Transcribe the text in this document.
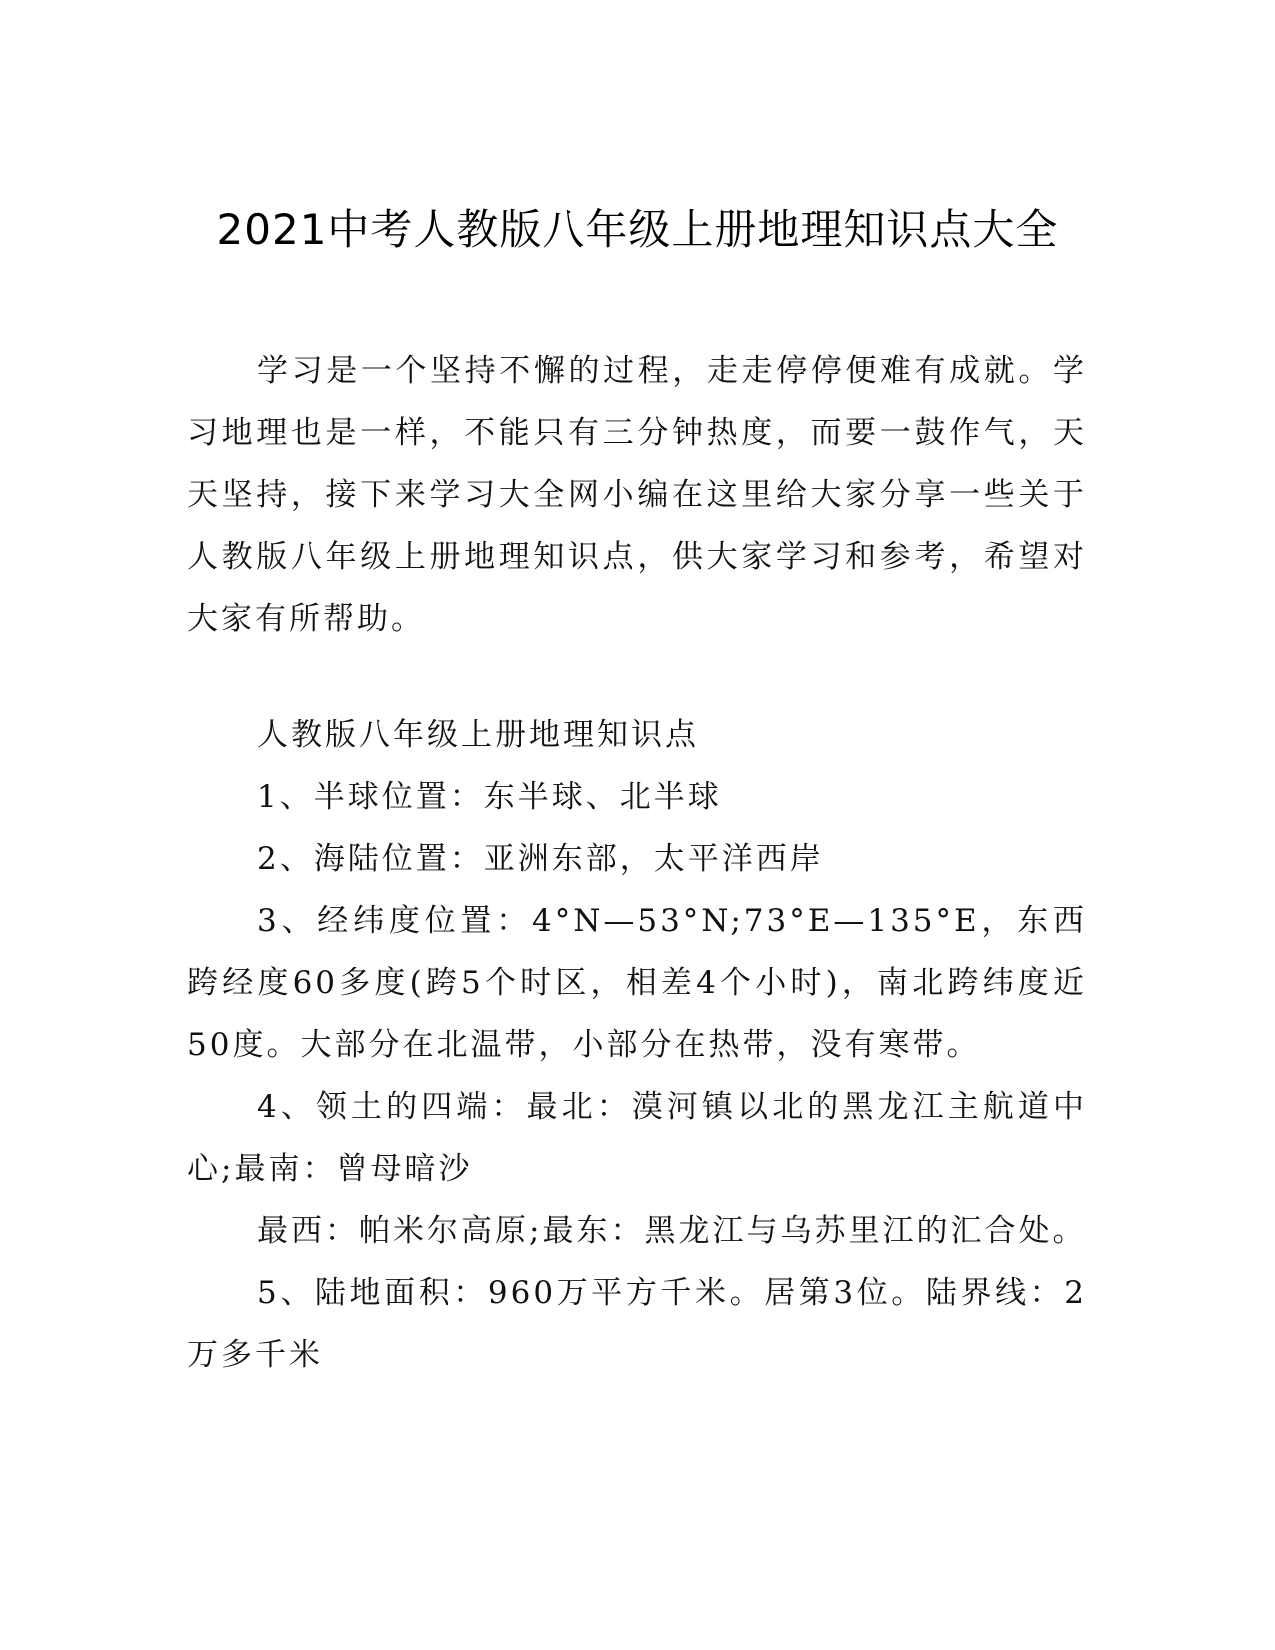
2021中考人教版八年级上册地理知识点大全

学习是一个坚持不懈的过程，走走停停便难有成就。学习地理也是一样，不能只有三分钟热度，而要一鼓作气，天天坚持，接下来学习大全网小编在这里给大家分享一些关于人教版八年级上册地理知识点，供大家学习和参考，希望对大家有所帮助。

人教版八年级上册地理知识点

1、半球位置：东半球、北半球

2、海陆位置：亚洲东部，太平洋西岸

3、经纬度位置：4°N—53°N;73°E—135°E，东西跨经度60多度(跨5个时区，相差4个小时)，南北跨纬度近50度。大部分在北温带，小部分在热带，没有寒带。

4、领土的四端：最北：漠河镇以北的黑龙江主航道中心;最南：曾母暗沙

最西：帕米尔高原;最东：黑龙江与乌苏里江的汇合处。

5、陆地面积：960万平方千米。居第3位。陆界线：2万多千米
